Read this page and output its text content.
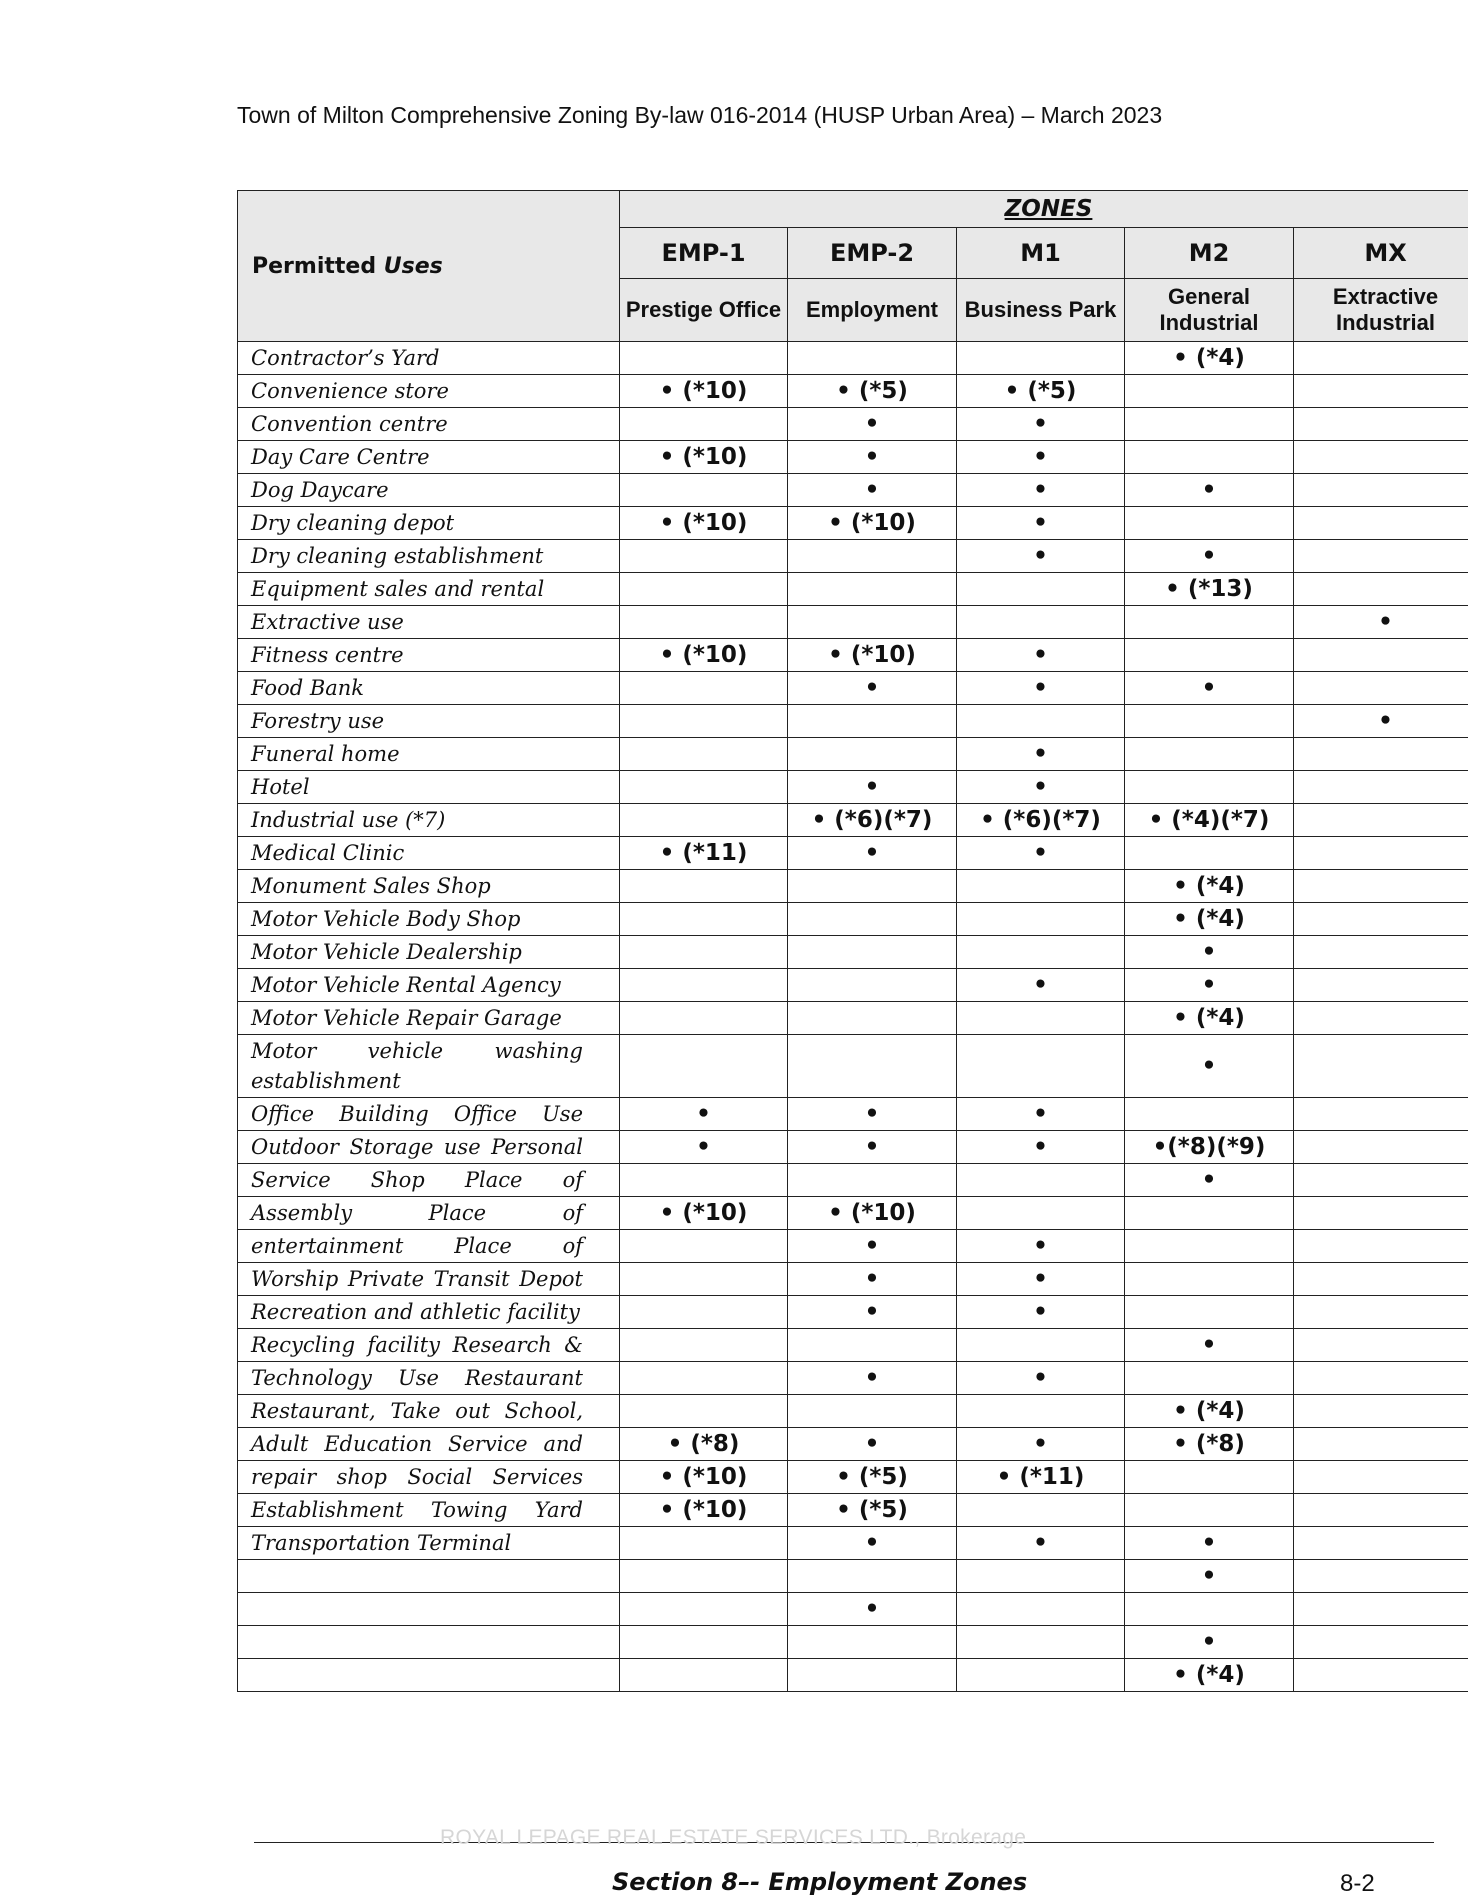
Town of Milton Comprehensive Zoning By-law 016-2014 (HUSP Urban Area) – March 2023
Permitted Uses	ZONES				
	EMP-1	EMP-2	M1	M2	MX
	Prestige Office	Employment	Business Park	General Industrial	Extractive Industrial
Contractor’s Yard				• (*4)	
Convenience store	• (*10)	• (*5)	• (*5)		
Convention centre		•	•		
Day Care Centre	• (*10)	•	•		
Dog Daycare		•	•	•	
Dry cleaning depot	• (*10)	• (*10)	•		
Dry cleaning establishment			•	•	
Equipment sales and rental				• (*13)	
Extractive use					•
Fitness centre	• (*10)	• (*10)	•		
Food Bank		•	•	•	
Forestry use					•
Funeral home			•		
Hotel		•	•		
Industrial use (*7)		• (*6)(*7)	• (*6)(*7)	• (*4)(*7)	
Medical Clinic	• (*11)	•	•		
Monument Sales Shop				• (*4)	
Motor Vehicle Body Shop				• (*4)	
Motor Vehicle Dealership				•	
Motor Vehicle Rental Agency			•	•	
Motor Vehicle Repair Garage				• (*4)	
Motor vehicle washing establishment				•	
Office Building Office Use	•	•	•		
Outdoor Storage use Personal	•	•	•	•(*8)(*9)	
Service Shop Place of				•	
Assembly Place of	• (*10)	• (*10)			
entertainment Place of		•	•		
Worship Private Transit Depot		•	•		
Recreation and athletic facility		•	•		
Recycling facility Research &				•	
Technology Use Restaurant		•	•		
Restaurant, Take out School,				• (*4)	
Adult Education Service and	• (*8)	•	•	• (*8)	
repair shop Social Services	• (*10)	• (*5)	• (*11)		
Establishment Towing Yard	• (*10)	• (*5)			
Transportation Terminal		•	•	•	
				•	
		•			
				•	
				• (*4)	
ROYAL LEPAGE REAL ESTATE SERVICES LTD., Brokerage
Section 8–- Employment Zones	8-2
